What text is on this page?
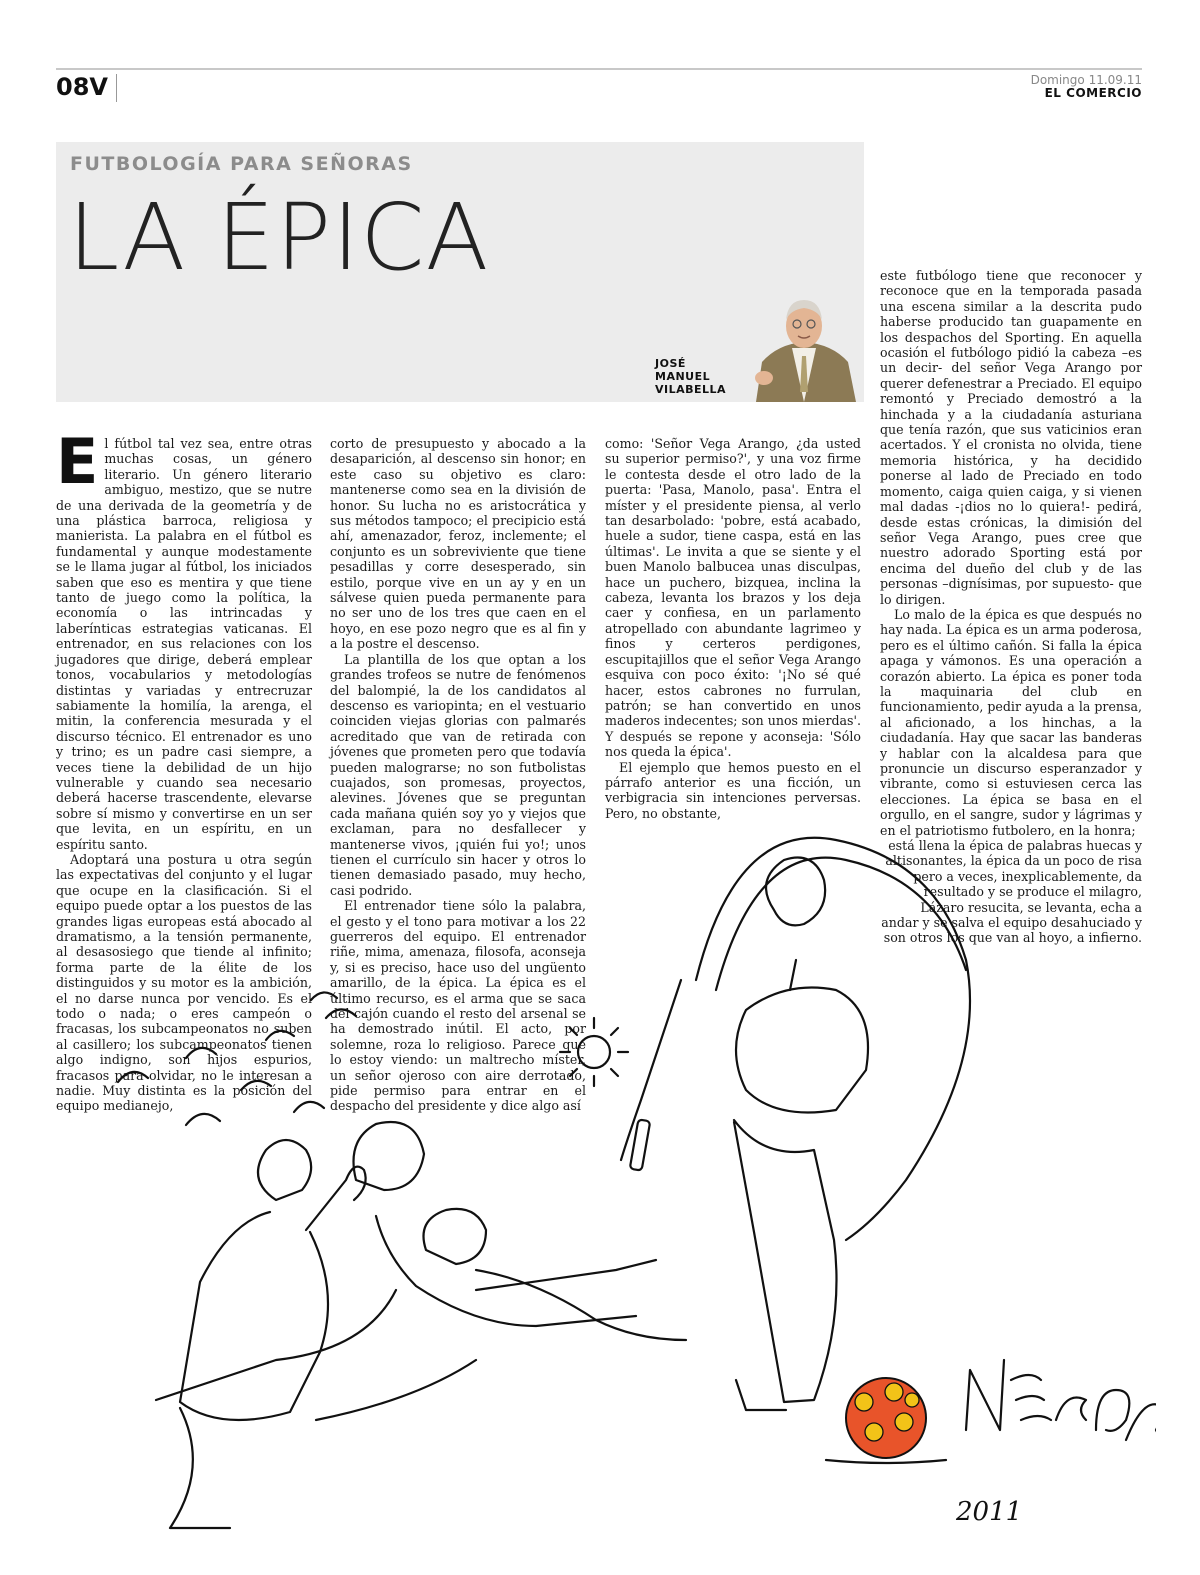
08V	Domingo 11.09.11
EL COMERCIO
FUTBOLOGÍA PARA SEÑORAS
LA ÉPICA
JOSÉ
MANUEL
VILABELLA

El fútbol tal vez sea, entre otras muchas cosas, un género literario. Un género literario ambiguo, mestizo, que se nutre de una derivada de la geometría y de una plástica barroca, religiosa y manierista. La palabra en el fútbol es fundamental y aunque modestamente se le llama jugar al fútbol, los iniciados saben que eso es mentira y que tiene tanto de juego como la política, la economía o las intrincadas y laberínticas estrategias vaticanas. El entrenador, en sus relaciones con los jugadores que dirige, deberá emplear tonos, vocabularios y metodologías distintas y variadas y entrecruzar sabiamente la homilía, la arenga, el mitin, la conferencia mesurada y el discurso técnico. El entrenador es uno y trino; es un padre casi siempre, a veces tiene la debilidad de un hijo vulnerable y cuando sea necesario deberá hacerse trascendente, elevarse sobre sí mismo y convertirse en un ser que levita, en un espíritu, en un espíritu santo.

Adoptará una postura u otra según las expectativas del conjunto y el lugar que ocupe en la clasificación. Si el equipo puede optar a los puestos de las grandes ligas europeas está abocado al dramatismo, a la tensión permanente, al desasosiego que tiende al infinito; forma parte de la élite de los distinguidos y su motor es la ambición, el no darse nunca por vencido. Es el todo o nada; o eres campeón o fracasas, los subcampeonatos no suben al casillero; los subcampeonatos tienen algo indigno, son hijos espurios, fracasos para olvidar, no le interesan a nadie. Muy distinta es la posición del equipo medianejo,

corto de presupuesto y abocado a la desaparición, al descenso sin honor; en este caso su objetivo es claro: mantenerse como sea en la división de honor. Su lucha no es aristocrática y sus métodos tampoco; el precipicio está ahí, amenazador, feroz, inclemente; el conjunto es un sobreviviente que tiene pesadillas y corre desesperado, sin estilo, porque vive en un ay y en un sálvese quien pueda permanente para no ser uno de los tres que caen en el hoyo, en ese pozo negro que es al fin y a la postre el descenso.

La plantilla de los que optan a los grandes trofeos se nutre de fenómenos del balompié, la de los candidatos al descenso es variopinta; en el vestuario coinciden viejas glorias con palmarés acreditado que van de retirada con jóvenes que prometen pero que todavía pueden malograrse; no son futbolistas cuajados, son promesas, proyectos, alevines. Jóvenes que se preguntan cada mañana quién soy yo y viejos que exclaman, para no desfallecer y mantenerse vivos, ¡quién fui yo!; unos tienen el currículo sin hacer y otros lo tienen demasiado pasado, muy hecho, casi podrido.

El entrenador tiene sólo la palabra, el gesto y el tono para motivar a los 22 guerreros del equipo. El entrenador riñe, mima, amenaza, filosofa, aconseja y, si es preciso, hace uso del ungüento amarillo, de la épica. La épica es el último recurso, es el arma que se saca del cajón cuando el resto del arsenal se ha demostrado inútil. El acto, por solemne, roza lo religioso. Parece que lo estoy viendo: un maltrecho míster, un señor ojeroso con aire derrotado, pide permiso para entrar en el despacho del presidente y dice algo así

como: 'Señor Vega Arango, ¿da usted su superior permiso?', y una voz firme le contesta desde el otro lado de la puerta: 'Pasa, Manolo, pasa'. Entra el míster y el presidente piensa, al verlo tan desarbolado: 'pobre, está acabado, huele a sudor, tiene caspa, está en las últimas'. Le invita a que se siente y el buen Manolo balbucea unas disculpas, hace un puchero, bizquea, inclina la cabeza, levanta los brazos y los deja caer y confiesa, en un parlamento atropellado con abundante lagrimeo y finos y certeros perdigones, escupitajillos que el señor Vega Arango esquiva con poco éxito: '¡No sé qué hacer, estos cabrones no furrulan, patrón; se han convertido en unos maderos indecentes; son unos mierdas'. Y después se repone y aconseja: 'Sólo nos queda la épica'.

El ejemplo que hemos puesto en el párrafo anterior es una ficción, un verbigracia sin intenciones perversas. Pero, no obstante,

este futbólogo tiene que reconocer y reconoce que en la temporada pasada una escena similar a la descrita pudo haberse producido tan guapamente en los despachos del Sporting. En aquella ocasión el futbólogo pidió la cabeza –es un decir- del señor Vega Arango por querer defenestrar a Preciado. El equipo remontó y Preciado demostró a la hinchada y a la ciudadanía asturiana que tenía razón, que sus vaticinios eran acertados. Y el cronista no olvida, tiene memoria histórica, y ha decidido ponerse al lado de Preciado en todo momento, caiga quien caiga, y si vienen mal dadas -¡dios no lo quiera!- pedirá, desde estas crónicas, la dimisión del señor Vega Arango, pues cree que nuestro adorado Sporting está por encima del dueño del club y de las personas –dignísimas, por supuesto- que lo dirigen.

Lo malo de la épica es que después no hay nada. La épica es un arma poderosa, pero es el último cañón. Si falla la épica apaga y vámonos. Es una operación a corazón abierto. La épica es poner toda la maquinaria del club en funcionamiento, pedir ayuda a la prensa, al aficionado, a los hinchas, a la ciudadanía. Hay que sacar las banderas y hablar con la alcaldesa para que pronuncie un discurso esperanzador y vibrante, como si estuviesen cerca las elecciones. La épica se basa en el orgullo, en el sangre, sudor y lágrimas y en el patriotismo futbolero, en la honra;

está llena la épica de palabras huecas y altisonantes, la épica da un poco de risa pero a veces, inexplicablemente, da resultado y se produce el milagro, Lázaro resucita, se levanta, echa a andar y se salva el equipo desahuciado y son otros los que van al hoyo, a infierno.

2011
NÉSTOR
